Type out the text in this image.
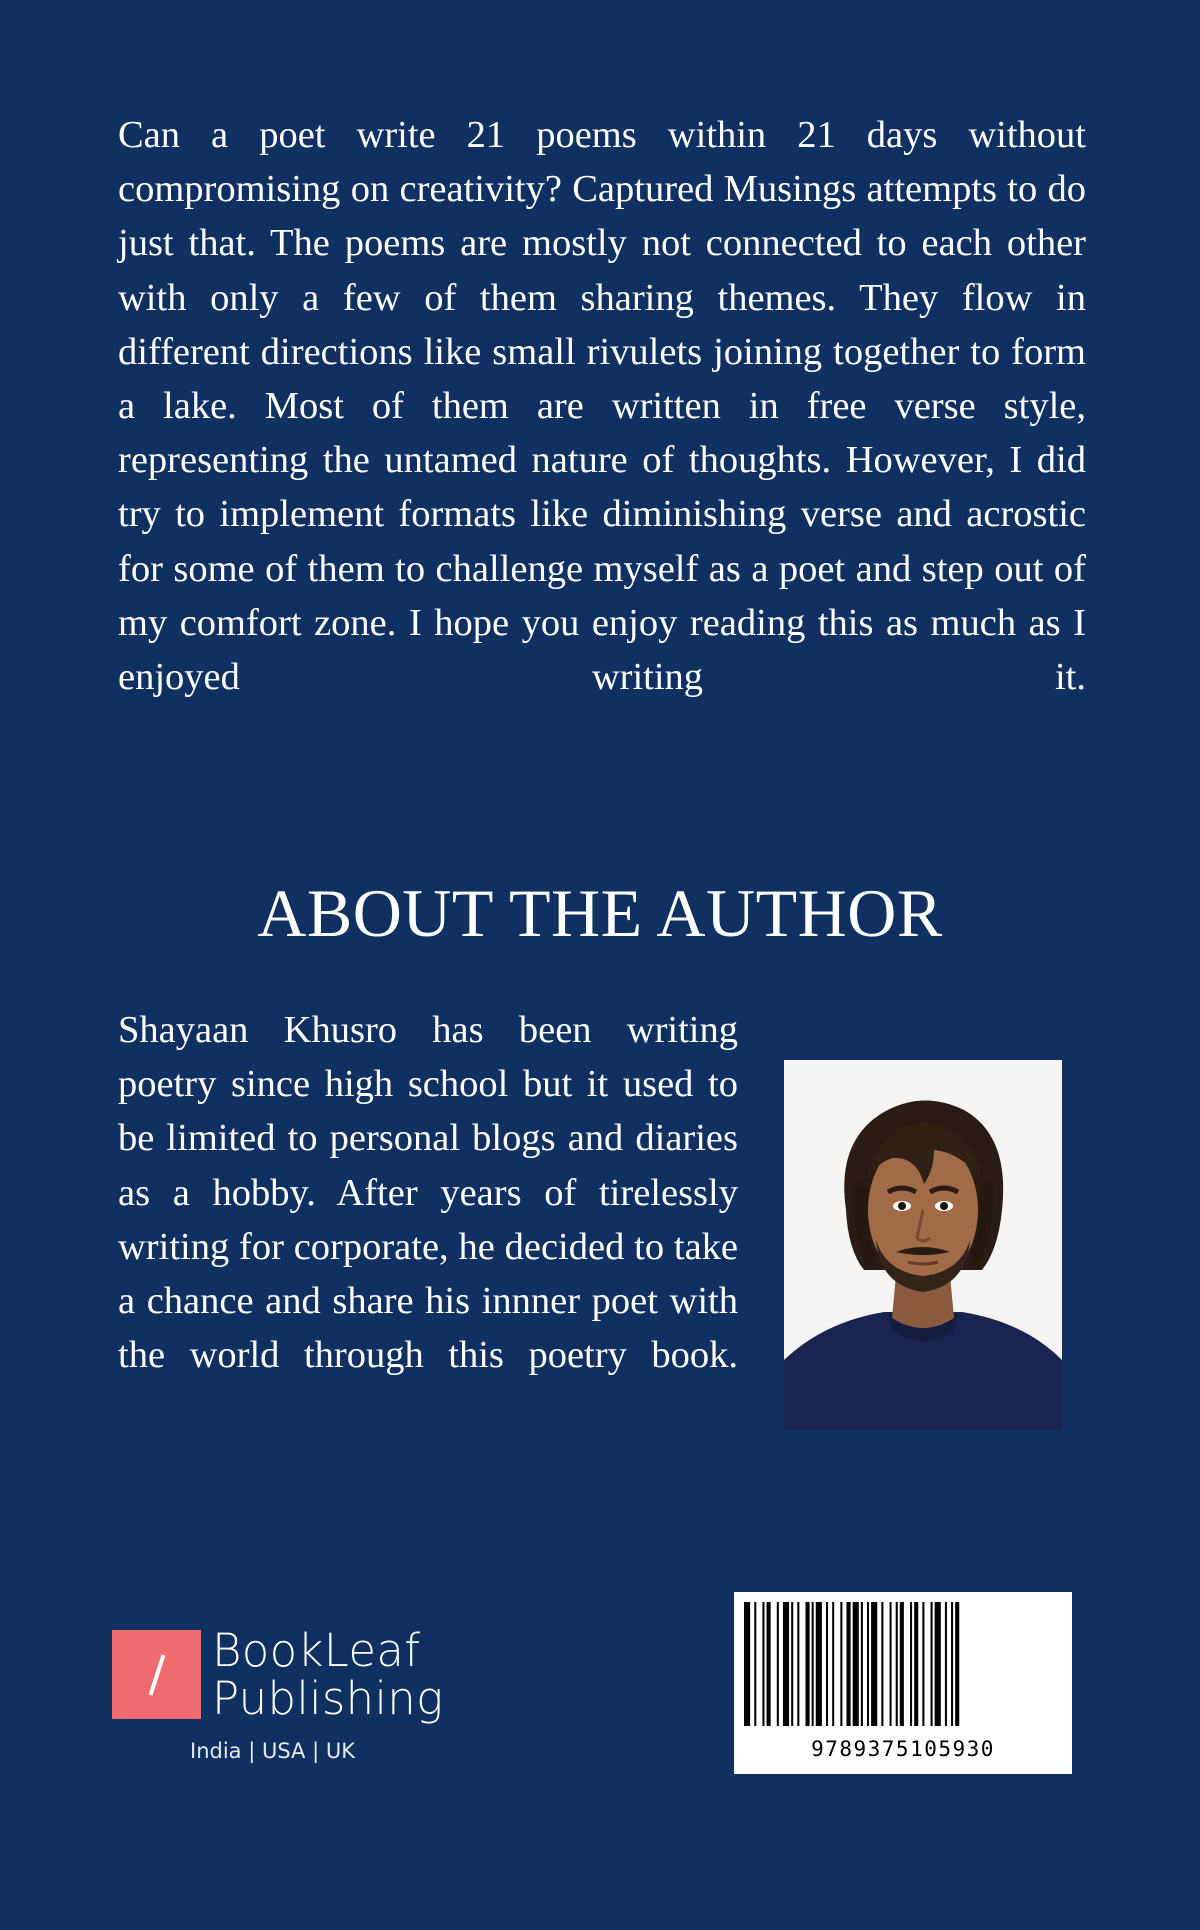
Can a poet write 21 poems within 21 days without compromising on creativity? Captured Musings attempts to do just that. The poems are mostly not connected to each other with only a few of them sharing themes. They flow in different directions like small rivulets joining together to form a lake. Most of them are written in free verse style, representing the untamed nature of thoughts. However, I did try to implement formats like diminishing verse and acrostic for some of them to challenge myself as a poet and step out of my comfort zone. I hope you enjoy reading this as much as I enjoyed writing it.

ABOUT THE AUTHOR

Shayaan Khusro has been writing poetry since high school but it used to be limited to personal blogs and diaries as a hobby. After years of tirelessly writing for corporate, he decided to take a chance and share his innner poet with the world through this poetry book.

BookLeaf
Publishing
India | USA | UK	9789375105930
